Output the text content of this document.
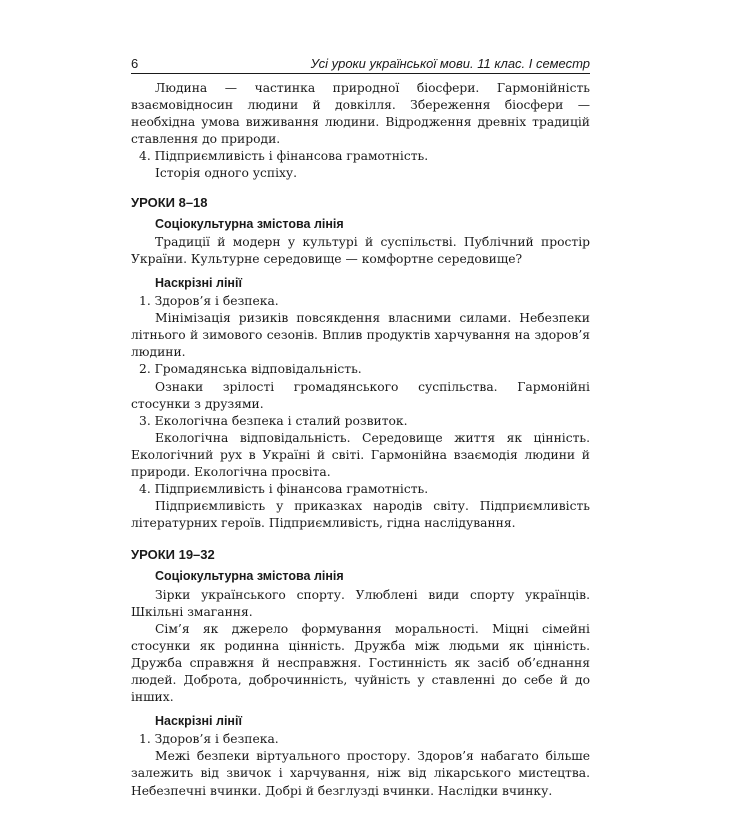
6	Усі уроки української мови. 11 клас. І семестр

Людина — частинка природної біосфери. Гармонійність взаємовідносин людини й довкілля. Збереження біосфери — необхідна умова виживання людини. Відродження древніх традицій ставлення до природи.

4. Підприємливість і фінансова грамотність.

Історія одного успіху.

УРОКИ 8–18
Соціокультурна змістова лінія

Традиції й модерн у культурі й суспільстві. Публічний простір України. Культурне середовище — комфортне середовище?

Наскрізні лінії

1. Здоров’я і безпека.

Мінімізація ризиків повсякдення власними силами. Небезпеки літнього й зимового сезонів. Вплив продуктів харчування на здоров’я людини.

2. Громадянська відповідальність.

Ознаки зрілості громадянського суспільства. Гармонійні стосунки з друзями.

3. Екологічна безпека і сталий розвиток.

Екологічна відповідальність. Середовище життя як цінність. Екологічний рух в Україні й світі. Гармонійна взаємодія людини й природи. Екологічна просвіта.

4. Підприємливість і фінансова грамотність.

Підприємливість у приказках народів світу. Підприємливість літературних героїв. Підприємливість, гідна наслідування.

УРОКИ 19–32
Соціокультурна змістова лінія

Зірки українського спорту. Улюблені види спорту українців. Шкільні змагання.

Сім’я як джерело формування моральності. Міцні сімейні стосунки як родинна цінність. Дружба між людьми як цінність. Дружба справжня й несправжня. Гостинність як засіб об’єднання людей. Доброта, доброчинність, чуйність у ставленні до себе й до інших.

Наскрізні лінії

1. Здоров’я і безпека.

Межі безпеки віртуального простору. Здоров’я набагато більше залежить від звичок і харчування, ніж від лікарського мистецтва. Небезпечні вчинки. Добрі й безглузді вчинки. Наслідки вчинку.
